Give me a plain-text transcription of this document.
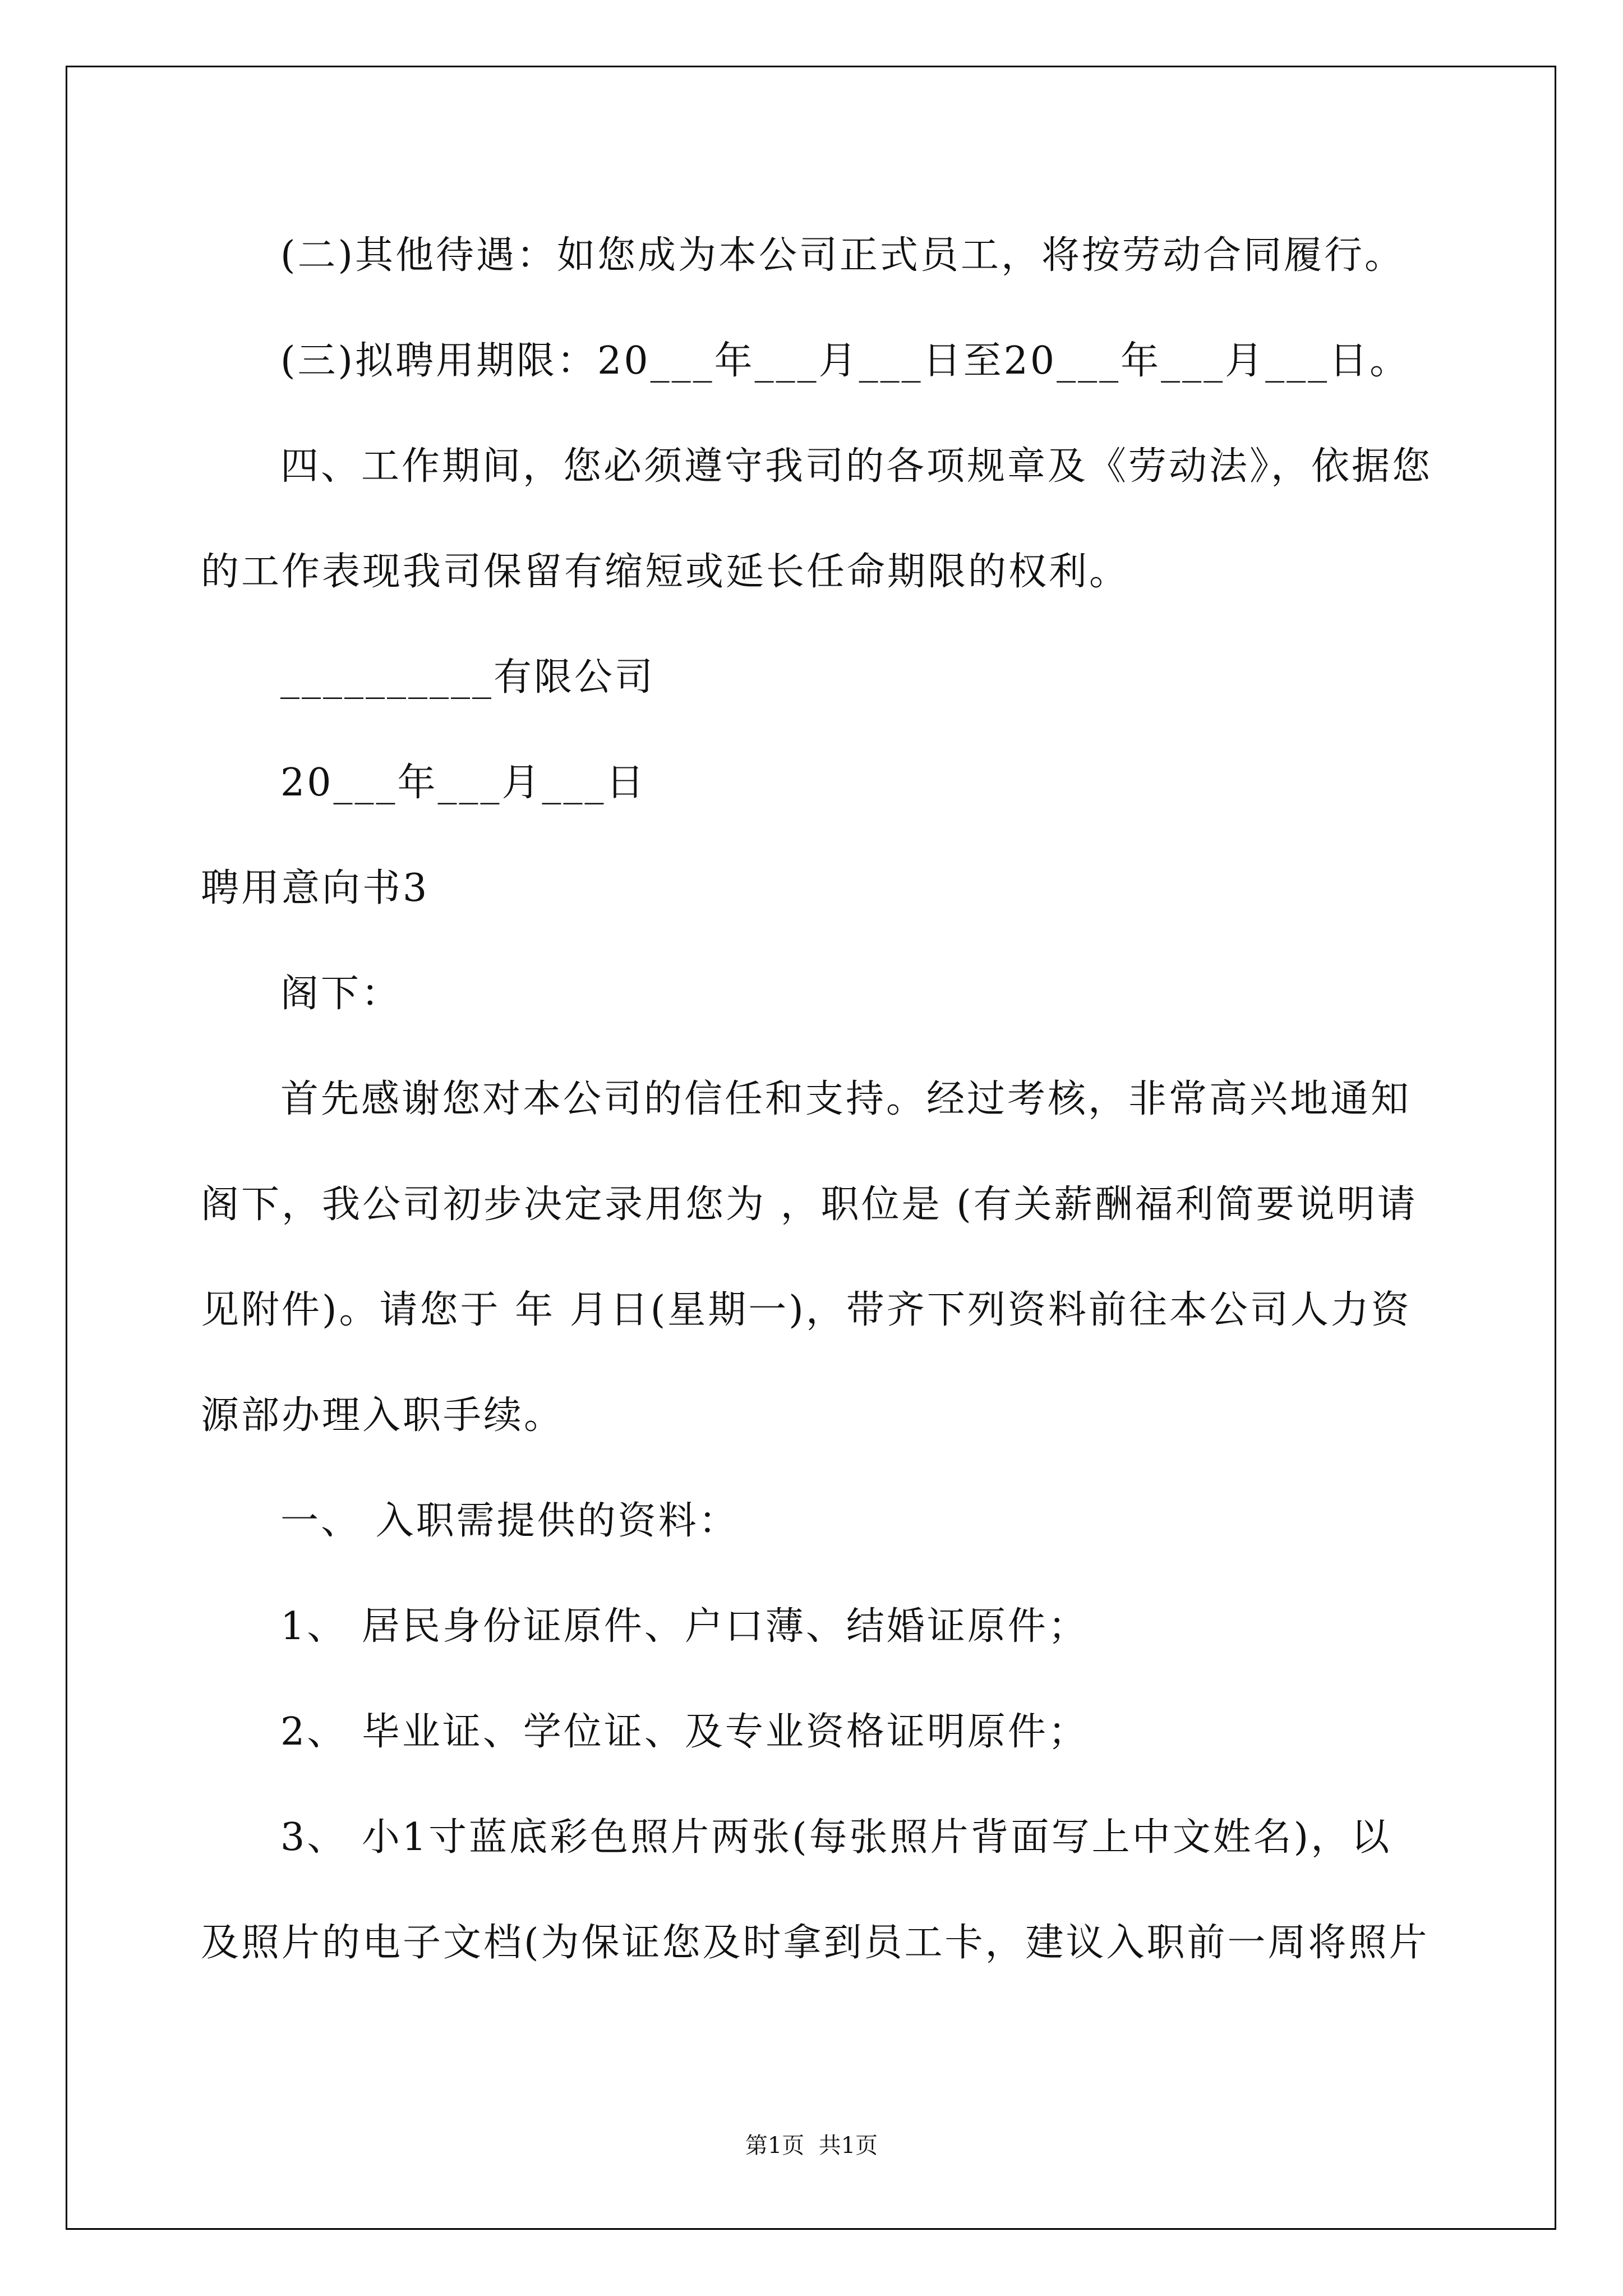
(二)其他待遇：如您成为本公司正式员工，将按劳动合同履行。
(三)拟聘用期限：20___年___月___日至20___年___月___日。
四、工作期间，您必须遵守我司的各项规章及《劳动法》，依据您
的工作表现我司保留有缩短或延长任命期限的权利。
__________有限公司
20___年___月___日
聘用意向书3
阁下：
首先感谢您对本公司的信任和支持。经过考核，非常高兴地通知
阁下，我公司初步决定录用您为 ，职位是 (有关薪酬福利简要说明请
见附件)。请您于 年 月日(星期一)，带齐下列资料前往本公司人力资
源部办理入职手续。
一、 入职需提供的资料：
1、 居民身份证原件、户口薄、结婚证原件；
2、 毕业证、学位证、及专业资格证明原件；
3、 小1寸蓝底彩色照片两张(每张照片背面写上中文姓名)，以
及照片的电子文档(为保证您及时拿到员工卡，建议入职前一周将照片
第1页  共1页
